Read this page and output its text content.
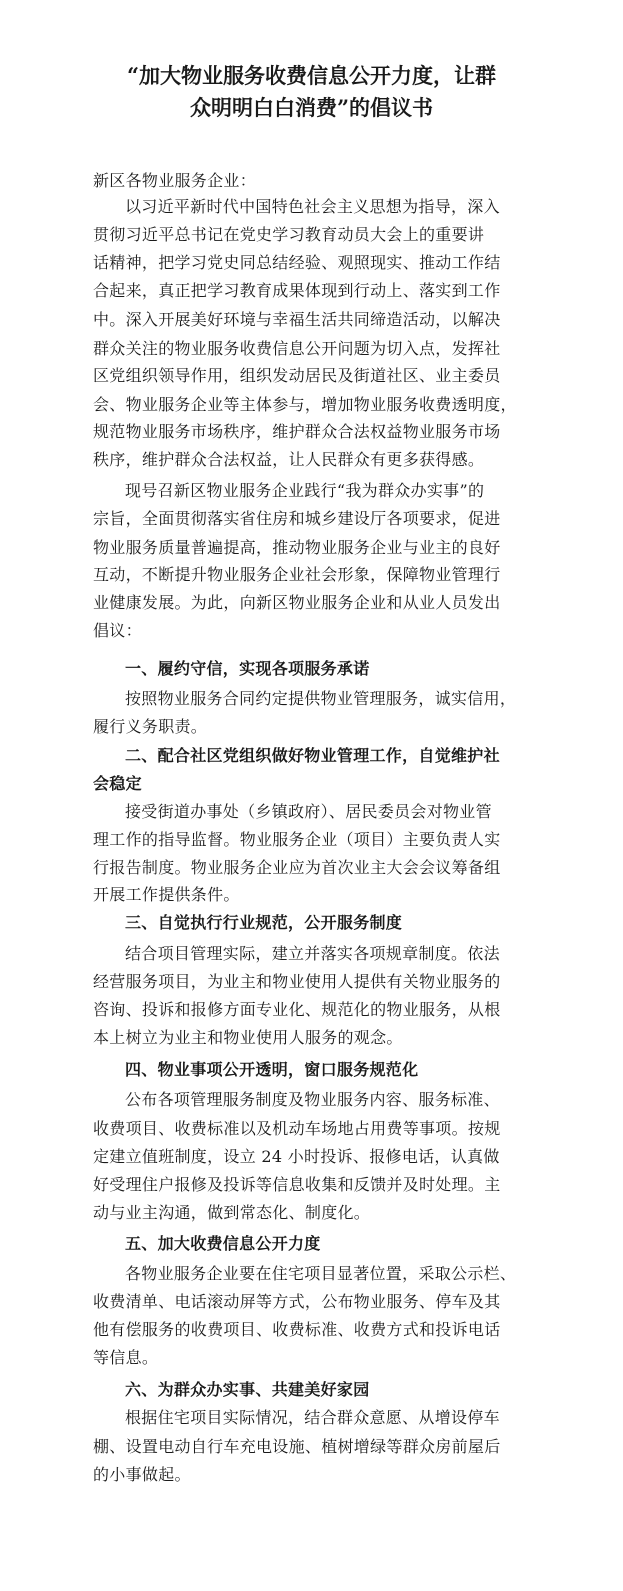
“加大物业服务收费信息公开力度，让群
众明明白白消费”的倡议书
新区各物业服务企业：
以习近平新时代中国特色社会主义思想为指导，深入
贯彻习近平总书记在党史学习教育动员大会上的重要讲
话精神，把学习党史同总结经验、观照现实、推动工作结
合起来，真正把学习教育成果体现到行动上、落实到工作
中。深入开展美好环境与幸福生活共同缔造活动，以解决
群众关注的物业服务收费信息公开问题为切入点，发挥社
区党组织领导作用，组织发动居民及街道社区、业主委员
会、物业服务企业等主体参与，增加物业服务收费透明度，
规范物业服务市场秩序，维护群众合法权益物业服务市场
秩序，维护群众合法权益，让人民群众有更多获得感。
现号召新区物业服务企业践行“我为群众办实事”的
宗旨，全面贯彻落实省住房和城乡建设厅各项要求，促进
物业服务质量普遍提高，推动物业服务企业与业主的良好
互动，不断提升物业服务企业社会形象，保障物业管理行
业健康发展。为此，向新区物业服务企业和从业人员发出
倡议：
一、履约守信，实现各项服务承诺
按照物业服务合同约定提供物业管理服务，诚实信用，
履行义务职责。
二、配合社区党组织做好物业管理工作，自觉维护社
会稳定
接受街道办事处（乡镇政府）、居民委员会对物业管
理工作的指导监督。物业服务企业（项目）主要负责人实
行报告制度。物业服务企业应为首次业主大会会议筹备组
开展工作提供条件。
三、自觉执行行业规范，公开服务制度
结合项目管理实际，建立并落实各项规章制度。依法
经营服务项目，为业主和物业使用人提供有关物业服务的
咨询、投诉和报修方面专业化、规范化的物业服务，从根
本上树立为业主和物业使用人服务的观念。
四、物业事项公开透明，窗口服务规范化
公布各项管理服务制度及物业服务内容、服务标准、
收费项目、收费标准以及机动车场地占用费等事项。按规
定建立值班制度，设立 24 小时投诉、报修电话，认真做
好受理住户报修及投诉等信息收集和反馈并及时处理。主
动与业主沟通，做到常态化、制度化。
五、加大收费信息公开力度
各物业服务企业要在住宅项目显著位置，采取公示栏、
收费清单、电话滚动屏等方式，公布物业服务、停车及其
他有偿服务的收费项目、收费标准、收费方式和投诉电话
等信息。
六、为群众办实事、共建美好家园
根据住宅项目实际情况，结合群众意愿、从增设停车
棚、设置电动自行车充电设施、植树增绿等群众房前屋后
的小事做起。
